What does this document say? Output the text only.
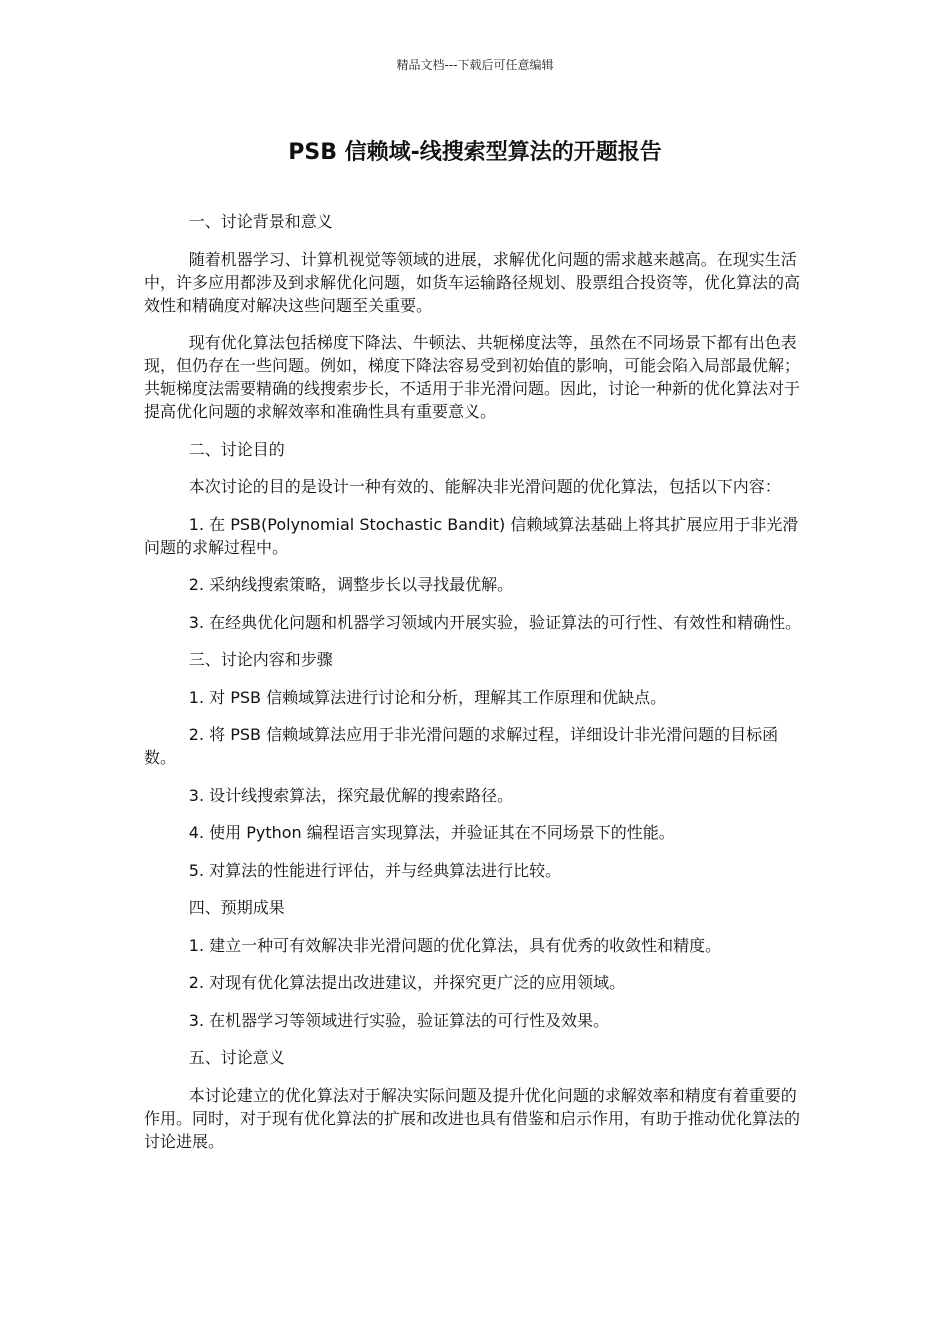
精品文档---下载后可任意编辑
PSB 信赖域-线搜索型算法的开题报告

一、讨论背景和意义

随着机器学习、计算机视觉等领域的进展，求解优化问题的需求越来越高。在现实生活中，许多应用都涉及到求解优化问题，如货车运输路径规划、股票组合投资等，优化算法的高效性和精确度对解决这些问题至关重要。

现有优化算法包括梯度下降法、牛顿法、共轭梯度法等，虽然在不同场景下都有出色表现，但仍存在一些问题。例如，梯度下降法容易受到初始值的影响，可能会陷入局部最优解；共轭梯度法需要精确的线搜索步长，不适用于非光滑问题。因此，讨论一种新的优化算法对于提高优化问题的求解效率和准确性具有重要意义。

二、讨论目的

本次讨论的目的是设计一种有效的、能解决非光滑问题的优化算法，包括以下内容：

1. 在 PSB(Polynomial Stochastic Bandit) 信赖域算法基础上将其扩展应用于非光滑问题的求解过程中。

2. 采纳线搜索策略，调整步长以寻找最优解。

3. 在经典优化问题和机器学习领域内开展实验，验证算法的可行性、有效性和精确性。

三、讨论内容和步骤

1. 对 PSB 信赖域算法进行讨论和分析，理解其工作原理和优缺点。

2. 将 PSB 信赖域算法应用于非光滑问题的求解过程，详细设计非光滑问题的目标函数。

3. 设计线搜索算法，探究最优解的搜索路径。

4. 使用 Python 编程语言实现算法，并验证其在不同场景下的性能。

5. 对算法的性能进行评估，并与经典算法进行比较。

四、预期成果

1. 建立一种可有效解决非光滑问题的优化算法，具有优秀的收敛性和精度。

2. 对现有优化算法提出改进建议，并探究更广泛的应用领域。

3. 在机器学习等领域进行实验，验证算法的可行性及效果。

五、讨论意义

本讨论建立的优化算法对于解决实际问题及提升优化问题的求解效率和精度有着重要的作用。同时，对于现有优化算法的扩展和改进也具有借鉴和启示作用，有助于推动优化算法的讨论进展。
